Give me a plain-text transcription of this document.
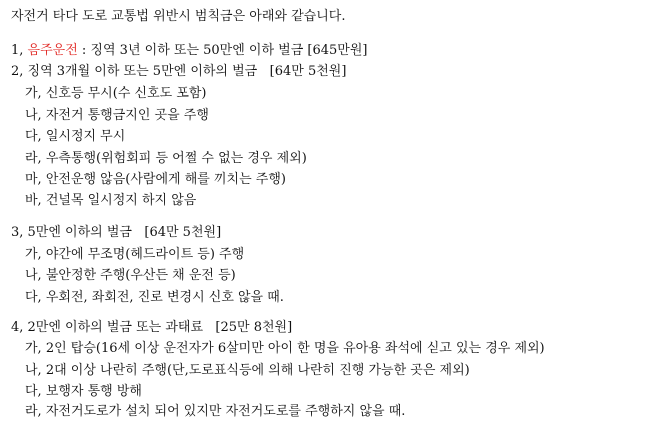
자전거 타다 도로 교통법 위반시 범칙금은 아래와 같습니다.
1, 음주운전 : 징역 3년 이하 또는 50만엔 이하 벌금 [645만원]
2, 징역 3개월 이하 또는 5만엔 이하의 벌금   [64만 5천원]
가, 신호등 무시(수 신호도 포함)
나, 자전거 통행금지인 곳을 주행
다, 일시정지 무시
라, 우측통행(위험회피 등 어쩔 수 없는 경우 제외)
마, 안전운행 않음(사람에게 해를 끼치는 주행)
바, 건널목 일시정지 하지 않음
3, 5만엔 이하의 벌금   [64만 5천원]
가, 야간에 무조명(헤드라이트 등) 주행
나, 불안정한 주행(우산든 채 운전 등)
다, 우회전, 좌회전, 진로 변경시 신호 않을 때.
4, 2만엔 이하의 벌금 또는 과태료   [25만 8천원]
가, 2인 탑승(16세 이상 운전자가 6살미만 아이 한 명을 유아용 좌석에 싣고 있는 경우 제외)
나, 2대 이상 나란히 주행(단,도로표식등에 의해 나란히 진행 가능한 곳은 제외)
다, 보행자 통행 방해
라, 자전거도로가 설치 되어 있지만 자전거도로를 주행하지 않을 때.
